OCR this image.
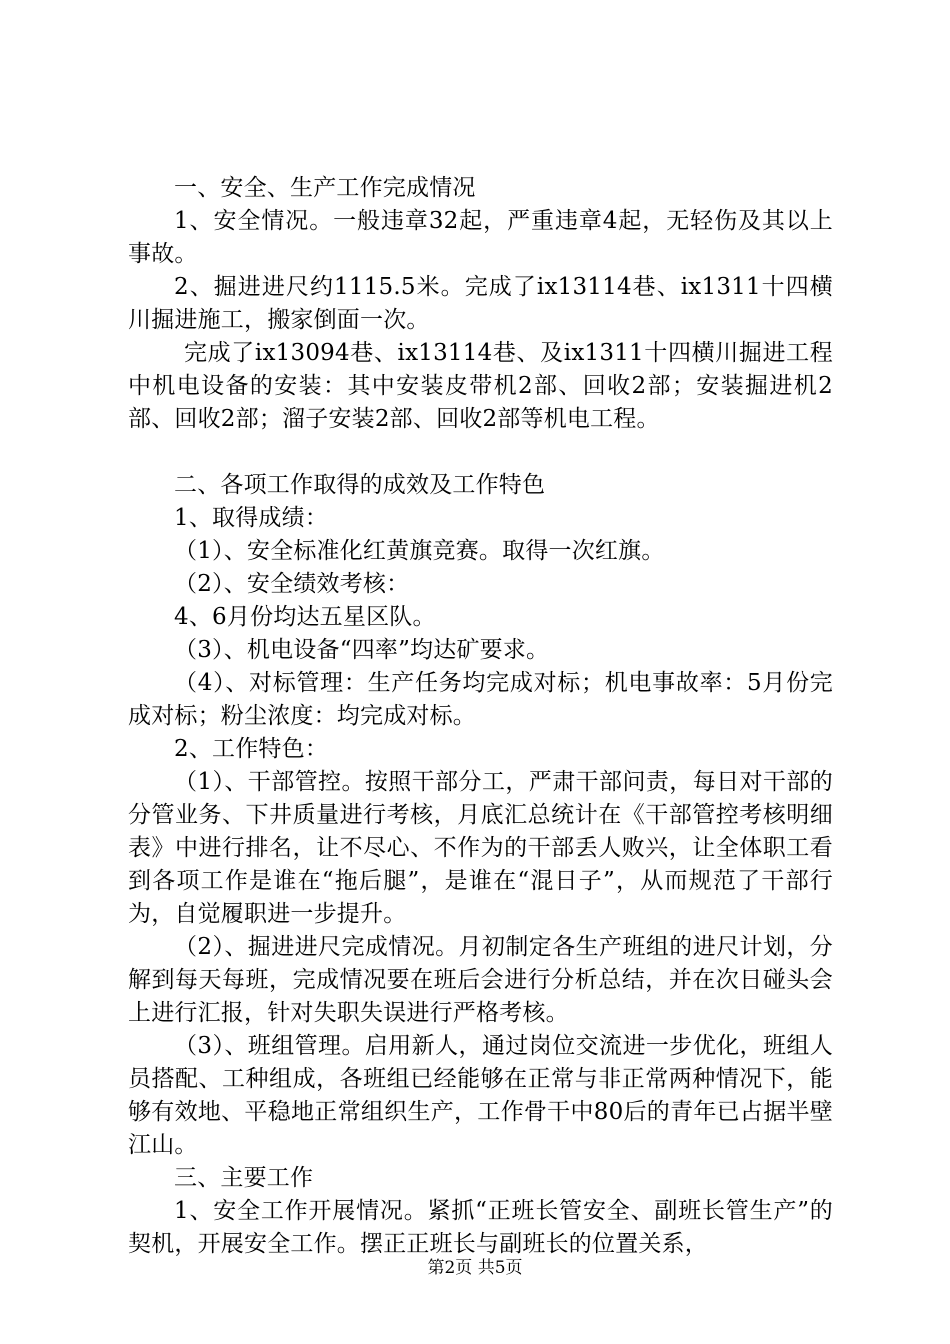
一、安全、生产工作完成情况

1、安全情况。一般违章32起，严重违章4起，无轻伤及其以上事故。

2、掘进进尺约1115.5米。完成了ix13114巷、ix1311十四横川掘进施工，搬家倒面一次。

完成了ix13094巷、ix13114巷、及ix1311十四横川掘进工程中机电设备的安装：其中安装皮带机2部、回收2部；安装掘进机2部、回收2部；溜子安装2部、回收2部等机电工程。

二、各项工作取得的成效及工作特色

1、取得成绩：

（1）、安全标准化红黄旗竞赛。取得一次红旗。

（2）、安全绩效考核：

4、6月份均达五星区队。

（3）、机电设备“四率”均达矿要求。

（4）、对标管理：生产任务均完成对标；机电事故率：5月份完成对标；粉尘浓度：均完成对标。

2、工作特色：

（1）、干部管控。按照干部分工，严肃干部问责，每日对干部的分管业务、下井质量进行考核，月底汇总统计在《干部管控考核明细表》中进行排名，让不尽心、不作为的干部丢人败兴，让全体职工看到各项工作是谁在“拖后腿”，是谁在“混日子”，从而规范了干部行为，自觉履职进一步提升。

（2）、掘进进尺完成情况。月初制定各生产班组的进尺计划，分解到每天每班，完成情况要在班后会进行分析总结，并在次日碰头会上进行汇报，针对失职失误进行严格考核。

（3）、班组管理。启用新人，通过岗位交流进一步优化，班组人员搭配、工种组成，各班组已经能够在正常与非正常两种情况下，能够有效地、平稳地正常组织生产，工作骨干中80后的青年已占据半壁江山。

三、主要工作

1、安全工作开展情况。紧抓“正班长管安全、副班长管生产”的契机，开展安全工作。摆正正班长与副班长的位置关系，

第2页 共5页
